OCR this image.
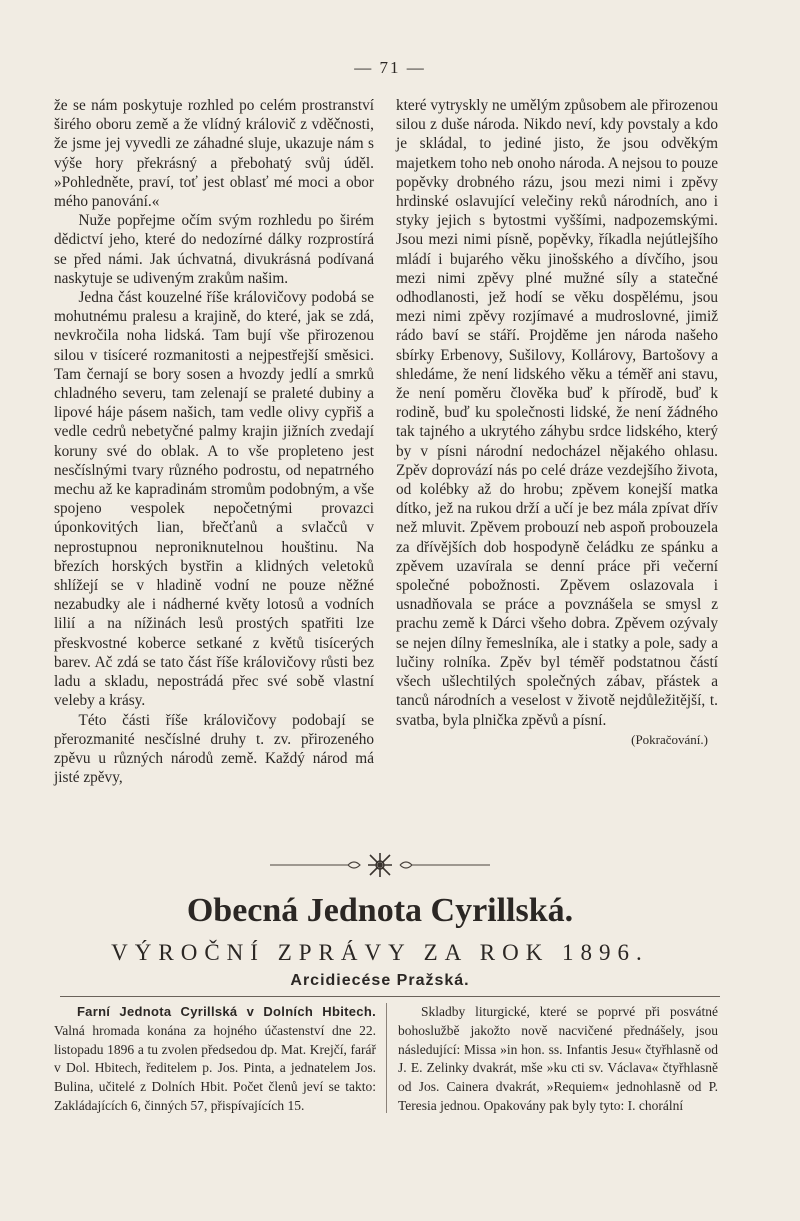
— 71 —

že se nám poskytuje rozhled po celém prostranství širého oboru země a že vlídný královič z vděčnosti, že jsme jej vyvedli ze záhadné sluje, ukazuje nám s výše hory překrásný a přebohatý svůj úděl. »Pohledněte, praví, toť jest oblasť mé moci a obor mého panování.«

Nuže popřejme očím svým rozhledu po širém dědictví jeho, které do nedozírné dálky rozprostírá se před námi. Jak úchvatná, divukrásná podívaná naskytuje se udiveným zrakům našim.

Jedna část kouzelné říše královičovy podobá se mohutnému pralesu a krajině, do které, jak se zdá, nevkročila noha lidská. Tam bují vše přirozenou silou v tisíceré rozmanitosti a nejpestřejší směsici. Tam černají se bory sosen a hvozdy jedlí a smrků chladného severu, tam zelenají se praleté dubiny a lipové háje pásem našich, tam vedle olivy cypřiš a vedle cedrů nebetyčné palmy krajin jižních zvedají koruny své do oblak. A to vše propleteno jest nesčíslnými tvary různého podrostu, od nepatrného mechu až ke kapradinám stromům podobným, a vše spojeno vespolek nepočetnými provazci úponkovitých lian, břečťanů a svlačců v neprostupnou neproniknutelnou houštinu. Na březích horských bystřin a klidných veletoků shlížejí se v hladině vodní ne pouze něžné nezabudky ale i nádherné květy lotosů a vodních lilií a na nížinách lesů prostých spatřiti lze přeskvostné koberce setkané z květů tisícerých barev. Ač zdá se tato část říše královičovy růsti bez ladu a skladu, nepostrádá přec své sobě vlastní veleby a krásy.

Této části říše královičovy podobají se přerozmanité nesčíslné druhy t. zv. přirozeného zpěvu u různých národů země. Každý národ má jisté zpěvy,

které vytryskly ne umělým způsobem ale přirozenou silou z duše národa. Nikdo neví, kdy povstaly a kdo je skládal, to jediné jisto, že jsou odvěkým majetkem toho neb onoho národa. A nejsou to pouze popěvky drobného rázu, jsou mezi nimi i zpěvy hrdinské oslavující velečiny reků národních, ano i styky jejich s bytostmi vyššími, nadpozemskými. Jsou mezi nimi písně, popěvky, říkadla nejútlejšího mládí i bujarého věku jinošského a dívčího, jsou mezi nimi zpěvy plné mužné síly a statečné odhodlanosti, jež hodí se věku dospělému, jsou mezi nimi zpěvy rozjímavé a mudroslovné, jimiž rádo baví se stáří. Projděme jen národa našeho sbírky Erbenovy, Sušilovy, Kollárovy, Bartošovy a shledáme, že není lidského věku a téměř ani stavu, že není poměru člověka buď k přírodě, buď k rodině, buď ku společnosti lidské, že není žádného tak tajného a ukrytého záhybu srdce lidského, který by v písni národní nedocházel nějakého ohlasu. Zpěv doprovází nás po celé dráze vezdejšího života, od kolébky až do hrobu; zpěvem konejší matka dítko, jež na rukou drží a učí je bez mála zpívat dřív než mluvit. Zpěvem probouzí neb aspoň probouzela za dřívějších dob hospodyně čeládku ze spánku a zpěvem uzavírala se denní práce při večerní společné pobožnosti. Zpěvem oslazovala i usnadňovala se práce a povznášela se smysl z prachu země k Dárci všeho dobra. Zpěvem ozývaly se nejen dílny řemeslníka, ale i statky a pole, sady a lučiny rolníka. Zpěv byl téměř podstatnou částí všech ušlechtilých společných zábav, přástek a tanců národních a veselost v životě nejdůležitější, t. svatba, byla plnička zpěvů a písní.

(Pokračování.)

Obecná Jednota Cyrillská.
VÝROČNÍ ZPRÁVY ZA ROK 1896.
Arcidiecése Pražská.

Farní Jednota Cyrillská v Dolních Hbitech. Valná hromada konána za hojného účastenství dne 22. listopadu 1896 a tu zvolen předsedou dp. Mat. Krejčí, farář v Dol. Hbitech, ředitelem p. Jos. Pinta, a jednatelem Jos. Bulina, učitelé z Dolních Hbit. Počet členů jeví se takto: Zakládajících 6, činných 57, přispívajících 15.

Skladby liturgické, které se poprvé při posvátné bohoslužbě jakožto nově nacvičené přednášely, jsou následující: Missa »in hon. ss. Infantis Jesu« čtyřhlasně od J. E. Zelinky dvakrát, mše »ku cti sv. Václava« čtyřhlasně od Jos. Cainera dvakrát, »Requiem« jednohlasně od P. Teresia jednou. Opakovány pak byly tyto: I. chorální
